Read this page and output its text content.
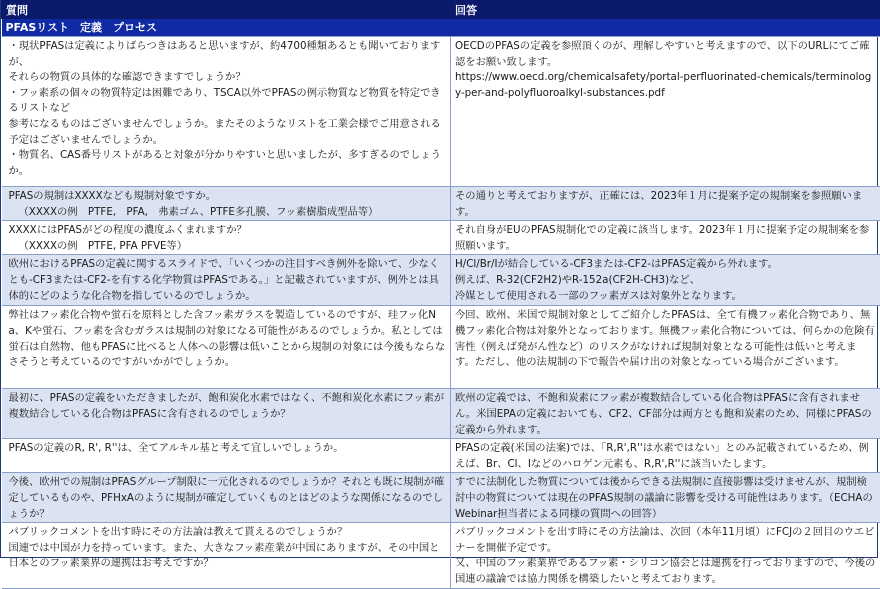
質問	回答
PFASリスト　定義　プロセス	

・現状PFASは定義によりばらつきはあると思いますが、約4700種類あるとも聞いておりますが、
それらの物質の具体的な確認できますでしょうか？
・フッ素系の個々の物質特定は困難であり、TSCA以外でPFASの例示物質など物質を特定できるリストなど
参考になるものはございませんでしょうか。またそのようなリストを工業会様でご用意される予定はございませんでしょうか。
・物質名、CAS番号リストがあると対象が分かりやすいと思いましたが、多すぎるのでしょうか。	OECDのPFASの定義を参照頂くのが、理解しやすいと考えますので、以下のURLにてご確認をお願い致します。
https://www.oecd.org/chemicalsafety/portal-perfluorinated-chemicals/terminology-per-and-polyfluoroalkyl-substances.pdf

PFASの規制はXXXXなども規制対象ですか。
（XXXXの例　PTFE,　PFA,　弗素ゴム、PTFE多孔膜、フッ素樹脂成型品等）	その通りと考えておりますが、正確には、2023年１月に提案予定の規制案を参照願います。

XXXXにはPFASがどの程度の濃度ふくまれますか？
（XXXXの例　PTFE, PFA PFVE等）	それ自身がEUのPFAS規制化での定義に該当します。2023年１月に提案予定の規制案を参照願います。

欧州におけるPFASの定義に関するスライドで、「いくつかの注目すべき例外を除いて、少なくとも-CF3または-CF2-を有する化学物質はPFASである。」と記載されていますが、例外とは具体的にどのような化合物を指しているのでしょうか。	H/Cl/Br/Iが結合している-CF3または-CF2-はPFAS定義から外れます。
例えば、R-32(CF2H2)やR-152a(CF2H-CH3)など、
冷媒として使用される一部のフッ素ガスは対象外となります。

弊社はフッ素化合物や蛍石を原料とした含フッ素ガラスを製造しているのですが、珪フッ化Na、Kや蛍石、フッ素を含むガラスは規制の対象になる可能性があるのでしょうか。私としては蛍石は自然物、他もPFASに比べると人体への影響は低いことから規制の対象には今後もならなさそうと考えているのですがいかがでしょうか。	今回、欧州、米国で規制対象としてご紹介したPFASは、全て有機フッ素化合物であり、無機フッ素化合物は対象外となっております。無機フッ素化合物については、何らかの危険有害性（例えば発がん性など）のリスクがなければ規制対象となる可能性は低いと考えます。ただし、他の法規制の下で報告や届け出の対象となっている場合がございます。

最初に、PFASの定義をいただきましたが、飽和炭化水素ではなく、不飽和炭化水素にフッ素が複数結合している化合物はPFASに含有されるのでしょうか？	欧州の定義では、不飽和炭素にフッ素が複数結合している化合物はPFASに含有されません。米国EPAの定義においても、CF2、CF部分は両方とも飽和炭素のため、同様にPFASの定義から外れます。

PFASの定義のR, R', R''は、全てアルキル基と考えて宜しいでしょうか。	PFASの定義(米国の法案)では、「R,R',R''は水素ではない」とのみ記載されているため、例えば、Br、Cl、Iなどのハロゲン元素も、R,R',R''に該当いたします。

今後、欧州での規制はPFASグループ制限に一元化されるのでしょうか？それとも既に規制が確定しているものや、PFHxAのように規制が確定していくものとはどのような関係になるのでしょうか？	すでに法制化した物質については後からできる法規制に直接影響は受けませんが、規制検討中の物質については現在のPFAS規制の議論に影響を受ける可能性はあります。（ECHAのWebinar担当者による同様の質問への回答）

パブリックコメントを出す時にその方法論は教えて貰えるのでしょうか？
国連では中国が力を持っています。また、大きなフッ素産業が中国にありますが、その中国と日本とのフッ素業界の連携はお考えですか？	パブリックコメントを出す時にその方法論は、次回（本年11月頃）にFCJの２回目のウエビナーを開催予定です。
又、中国のフッ素業界であるフッ素・シリコン協会とは連携を行っておりますので、今後の国連の議論では協力関係を構築したいと考えております。
